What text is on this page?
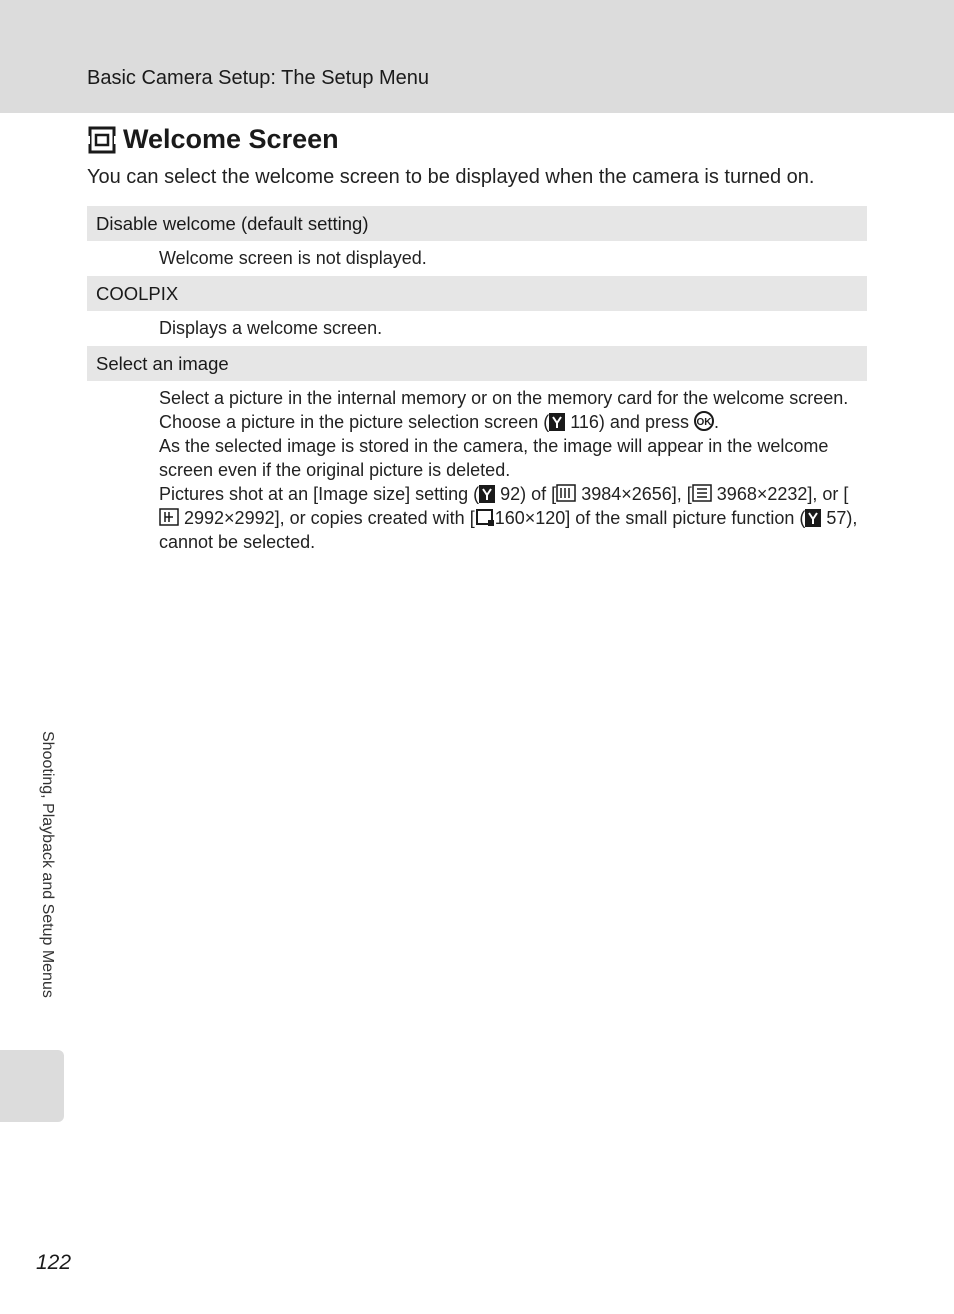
Basic Camera Setup: The Setup Menu
Welcome Screen
You can select the welcome screen to be displayed when the camera is turned on.
Disable welcome (default setting)
Welcome screen is not displayed.
COOLPIX
Displays a welcome screen.
Select an image

Select a picture in the internal memory or on the memory card for the welcome screen. Choose a picture in the picture selection screen ( 116) and press OK .

As the selected image is stored in the camera, the image will appear in the welcome screen even if the original picture is deleted.

Pictures shot at an [Image size] setting ( 92) of [ 3984×2656], [ 3968×2232], or [ 2992×2992], or copies created with [ 160×120] of the small picture function ( 57), cannot be selected.

Shooting, Playback and Setup Menus
122
